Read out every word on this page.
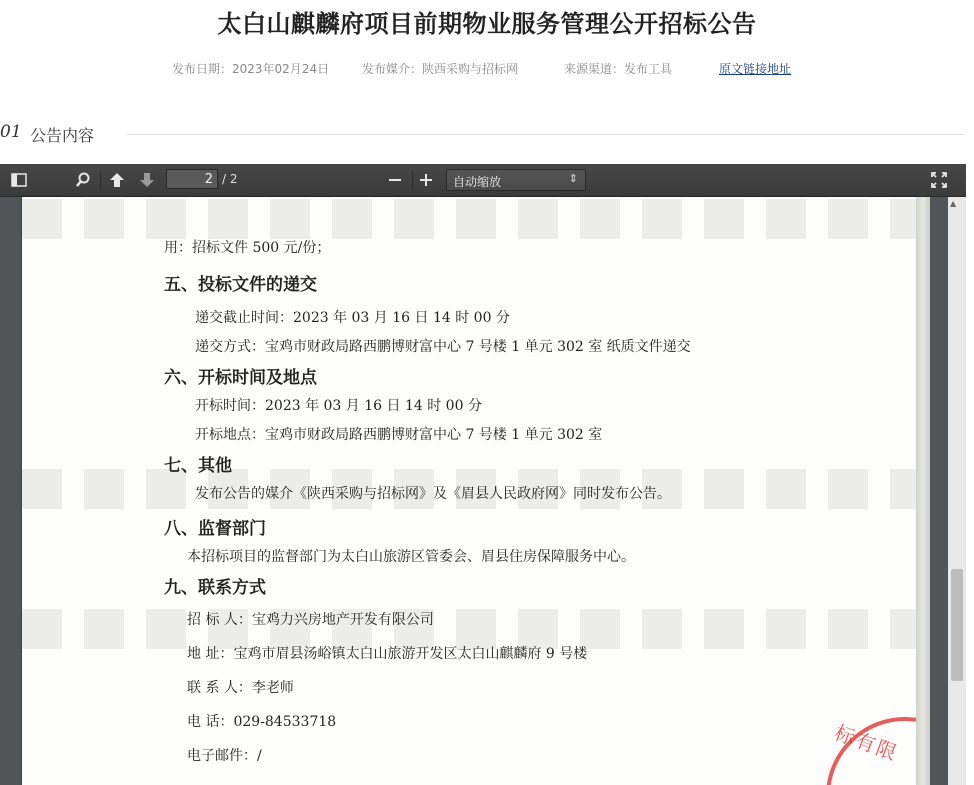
太白山麒麟府项目前期物业服务管理公开招标公告
发布日期：2023年02月24日	发布媒介：陕西采购与招标网	来源渠道：发布工具	原文链接地址
01 公告内容
2
/ 2	自动缩放	⇕
用：招标文件 500 元/份；
五、投标文件的递交
递交截止时间：2023 年 03 月 16 日 14 时 00 分
递交方式：宝鸡市财政局路西鹏博财富中心 7 号楼 1 单元 302 室 纸质文件递交
六、开标时间及地点
开标时间：2023 年 03 月 16 日 14 时 00 分
开标地点：宝鸡市财政局路西鹏博财富中心 7 号楼 1 单元 302 室
七、其他
发布公告的媒介《陕西采购与招标网》及《眉县人民政府网》同时发布公告。
八、监督部门
本招标项目的监督部门为太白山旅游区管委会、眉县住房保障服务中心。
九、联系方式
招 标 人：宝鸡力兴房地产开发有限公司
地 址：宝鸡市眉县汤峪镇太白山旅游开发区太白山麒麟府 9 号楼
联 系 人：李老师
电 话：029-84533718
电子邮件：/	标有限
▲
